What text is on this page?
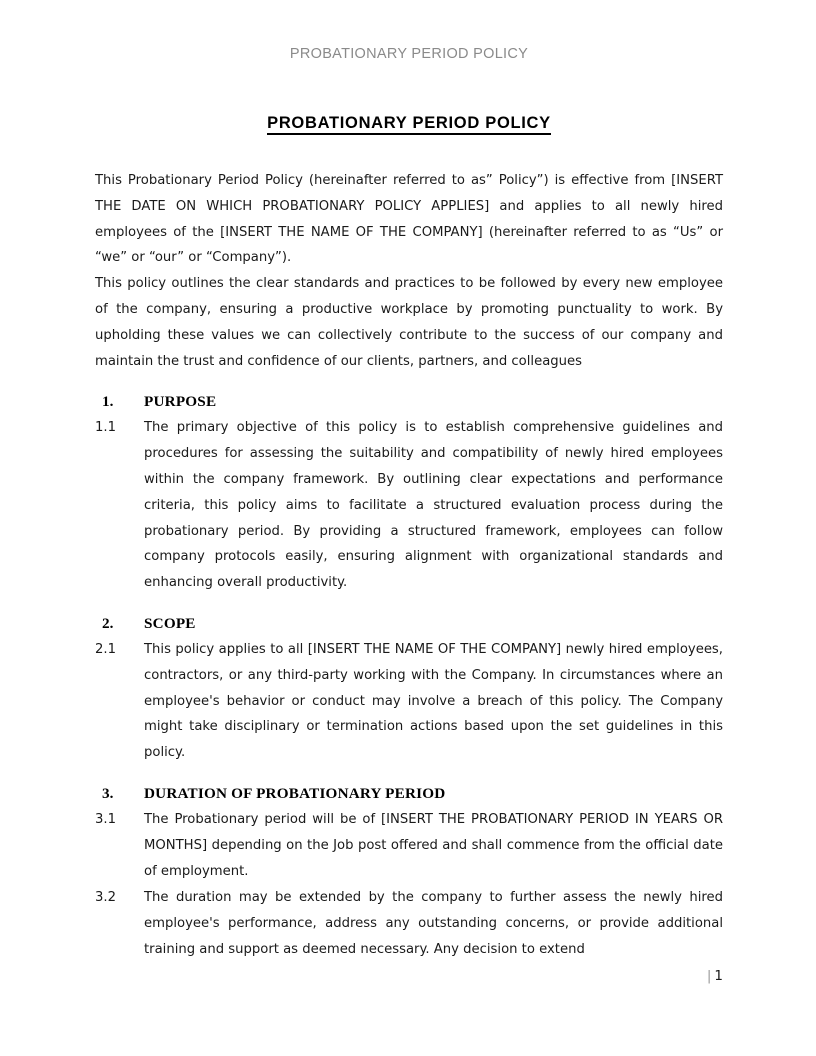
PROBATIONARY PERIOD POLICY
PROBATIONARY PERIOD POLICY

This Probationary Period Policy (hereinafter referred to as” Policy”) is effective from [INSERT THE DATE ON WHICH PROBATIONARY POLICY APPLIES] and applies to all newly hired employees of the [INSERT THE NAME OF THE COMPANY] (hereinafter referred to as “Us” or “we” or “our” or “Company”).

This policy outlines the clear standards and practices to be followed by every new employee of the company, ensuring a productive workplace by promoting punctuality to work. By upholding these values we can collectively contribute to the success of our company and maintain the trust and confidence of our clients, partners, and colleagues

1.	PURPOSE
1.1	The primary objective of this policy is to establish comprehensive guidelines and procedures for assessing the suitability and compatibility of newly hired employees within the company framework. By outlining clear expectations and performance criteria, this policy aims to facilitate a structured evaluation process during the probationary period. By providing a structured framework, employees can follow company protocols easily, ensuring alignment with organizational standards and enhancing overall productivity.
2.	SCOPE
2.1	This policy applies to all [INSERT THE NAME OF THE COMPANY] newly hired employees, contractors, or any third-party working with the Company. In circumstances where an employee's behavior or conduct may involve a breach of this policy. The Company might take disciplinary or termination actions based upon the set guidelines in this policy.
3.	DURATION OF PROBATIONARY PERIOD
3.1	The Probationary period will be of [INSERT THE PROBATIONARY PERIOD IN YEARS OR MONTHS] depending on the Job post offered and shall commence from the official date of employment.
3.2	The duration may be extended by the company to further assess the newly hired employee's performance, address any outstanding concerns, or provide additional training and support as deemed necessary. Any decision to extend
| 1
